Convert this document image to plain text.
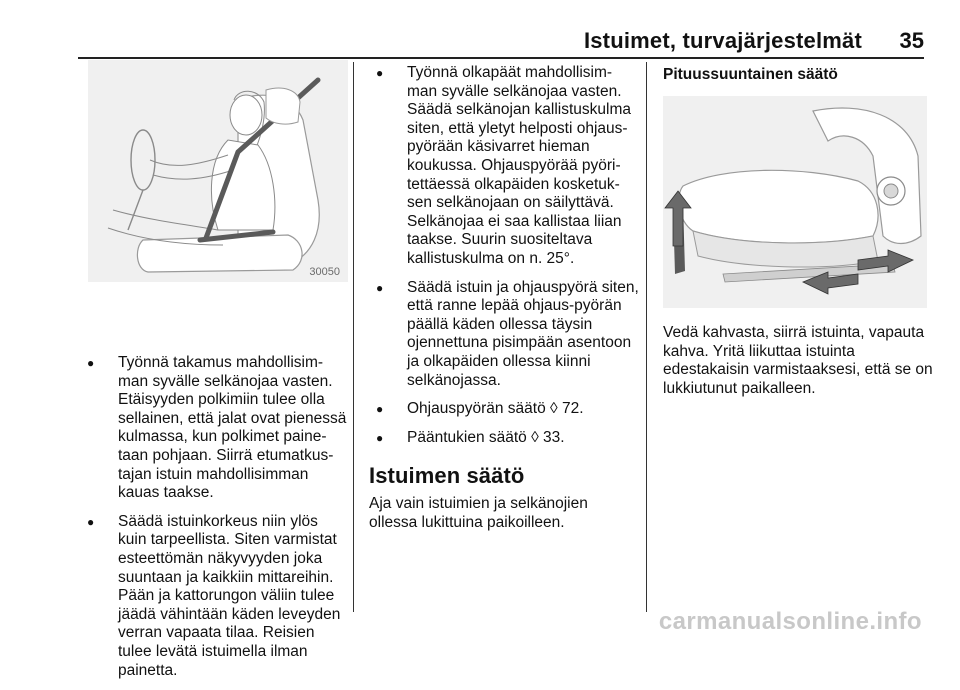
Istuimet, turvajärjestelmät 35
30050
● Työnnä takamus mahdollisim-man syvälle selkänojaa vasten. Etäisyyden polkimiin tulee olla sellainen, että jalat ovat pienessä kulmassa, kun polkimet paine-taan pohjaan. Siirrä etumatkus-tajan istuin mahdollisimman kauas taakse.
● Säädä istuinkorkeus niin ylös kuin tarpeellista. Siten varmistat esteettömän näkyvyyden joka suuntaan ja kaikkiin mittareihin. Pään ja kattorungon väliin tulee jäädä vähintään käden leveyden verran vapaata tilaa. Reisien tulee levätä istuimella ilman painetta.
● Työnnä olkapäät mahdollisim-man syvälle selkänojaa vasten. Säädä selkänojan kallistuskulma siten, että yletyt helposti ohjaus-pyörään käsivarret hieman koukussa. Ohjauspyörää pyöri-tettäessä olkapäiden kosketuk-sen selkänojaan on säilyttävä. Selkänojaa ei saa kallistaa liian taakse. Suurin suositeltava kallistuskulma on n. 25°.
● Säädä istuin ja ohjauspyörä siten, että ranne lepää ohjaus-pyörän päällä käden ollessa täysin ojennettuna pisimpään asentoon ja olkapäiden ollessa kiinni selkänojassa.
● Ohjauspyörän säätö ◊ 72.
● Pääntukien säätö ◊ 33.
Istuimen säätö
Aja vain istuimien ja selkänojien ollessa lukittuina paikoilleen.
Pituussuuntainen säätö
Vedä kahvasta, siirrä istuinta, vapauta kahva. Yritä liikuttaa istuinta edestakaisin varmistaaksesi, että se on lukkiutunut paikalleen.
carmanualsonline.info
